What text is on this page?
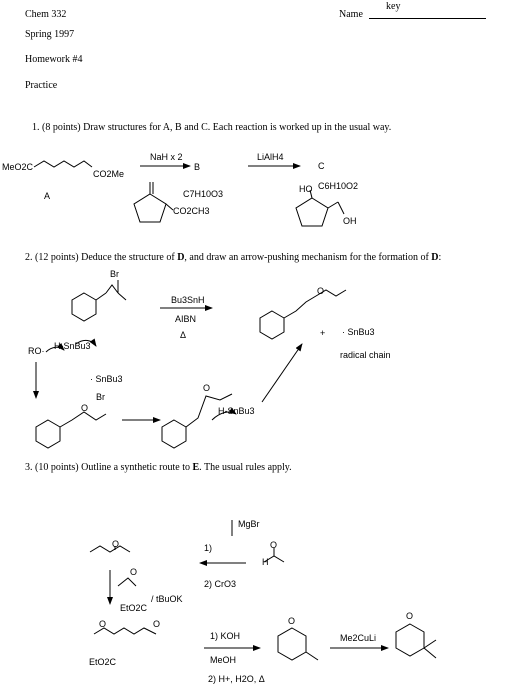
Chem 332
Spring 1997
Homework #4
Practice
Name
key
1. (8 points) Draw structures for A, B and C. Each reaction is worked up in the usual way.
MeO2C
CO2Me
A
NaH x 2
B
LiAlH4
C
C7H10O3
CO2CH3
HO C6H10O2
OH
2. (12 points) Deduce the structure of D, and draw an arrow-pushing mechanism for the formation of D:
Br
Bu3SnH
AIBN
Δ
O
+ · SnBu3
radical chain
RO· H-SnBu3
· SnBu3
Br
O
O
H-SnBu3
3. (10 points) Outline a synthetic route to E. The usual rules apply.
MgBr
1)
2) CrO3
H
O
O
O
/ tBuOK
EtO2C
O	O
EtO2C
1) KOH
MeOH
2) H+, H2O, Δ
O
Me2CuLi
O
